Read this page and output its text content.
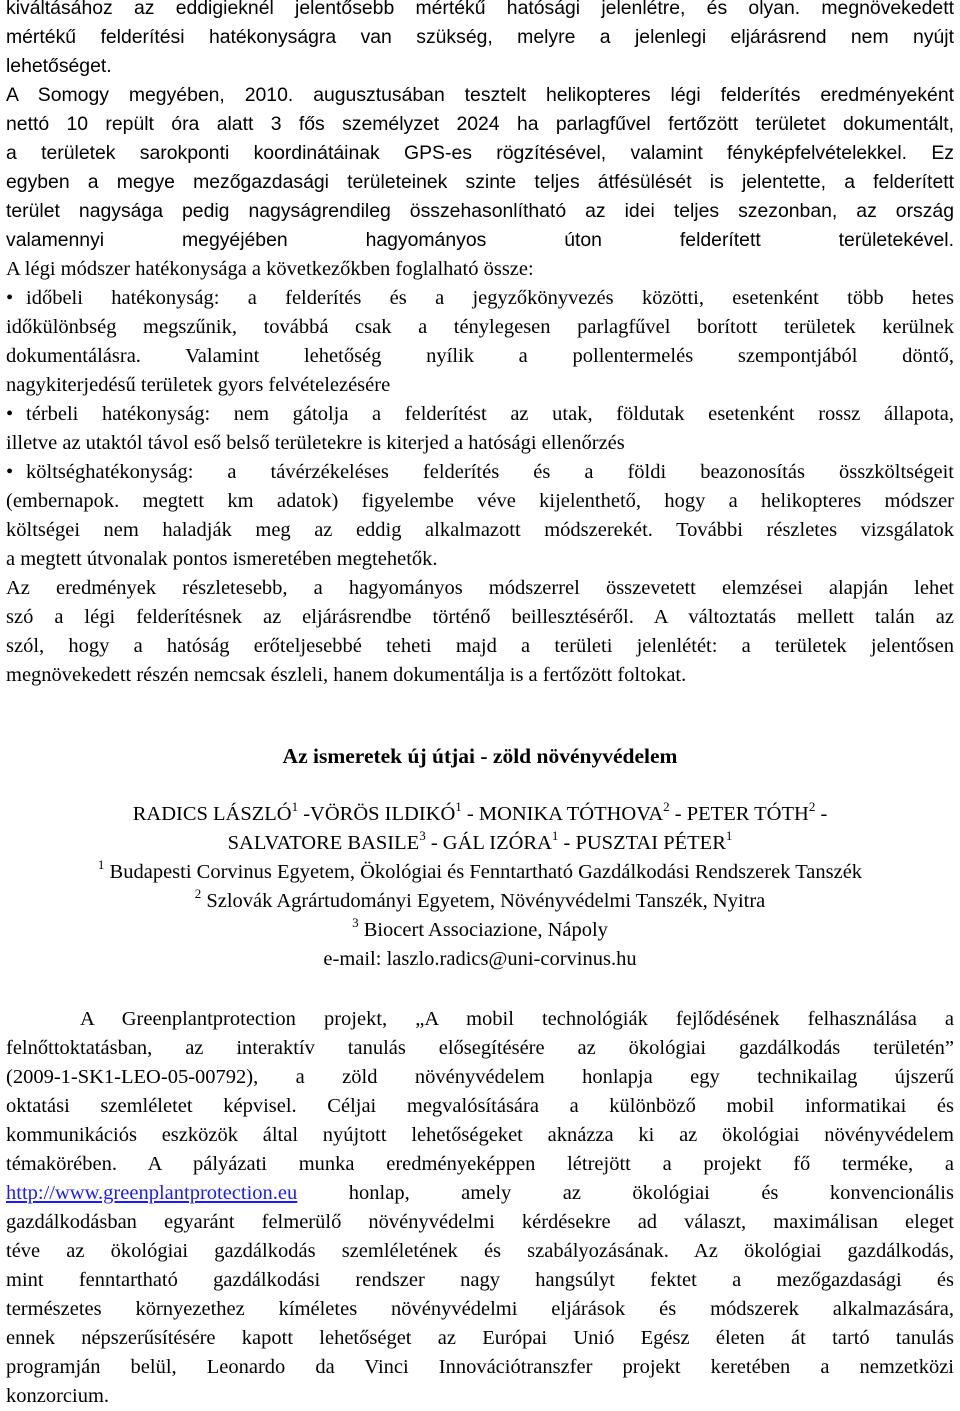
kiváltásához az eddigieknél jelentősebb mértékű hatósági jelenlétre, és olyan. megnövekedett

mértékű felderítési hatékonyságra van szükség, melyre a jelenlegi eljárásrend nem nyújt

lehetőséget.

A Somogy megyében, 2010. augusztusában tesztelt helikopteres légi felderítés eredményeként

nettó 10 repült óra alatt 3 fős személyzet 2024 ha parlagfűvel fertőzött területet dokumentált,

a területek sarokponti koordinátáinak GPS-es rögzítésével, valamint fényképfelvételekkel. Ez

egyben a megye mezőgazdasági területeinek szinte teljes átfésülését is jelentette, a felderített

terület nagysága pedig nagyságrendileg összehasonlítható az idei teljes szezonban, az ország

valamennyi megyéjében hagyományos úton felderített területekével.

A légi módszer hatékonysága a következőkben foglalható össze:

• időbeli hatékonyság: a felderítés és a jegyzőkönyvezés közötti, esetenként több hetes

időkülönbség megszűnik, továbbá csak a ténylegesen parlagfűvel borított területek kerülnek

dokumentálásra. Valamint lehetőség nyílik a pollentermelés szempontjából döntő,

nagykiterjedésű területek gyors felvételezésére

• térbeli hatékonyság: nem gátolja a felderítést az utak, földutak esetenként rossz állapota,

illetve az utaktól távol eső belső területekre is kiterjed a hatósági ellenőrzés

• költséghatékonyság: a távérzékeléses felderítés és a földi beazonosítás összköltségeit

(embernapok. megtett km adatok) figyelembe véve kijelenthető, hogy a helikopteres módszer

költségei nem haladják meg az eddig alkalmazott módszerekét. További részletes vizsgálatok

a megtett útvonalak pontos ismeretében megtehetők.

Az eredmények részletesebb, a hagyományos módszerrel összevetett elemzései alapján lehet

szó a légi felderítésnek az eljárásrendbe történő beillesztéséről. A változtatás mellett talán az

szól, hogy a hatóság erőteljesebbé teheti majd a területi jelenlétét: a területek jelentősen

megnövekedett részén nemcsak észleli, hanem dokumentálja is a fertőzött foltokat.

Az ismeretek új útjai - zöld növényvédelem
RADICS LÁSZLÓ$^1$ -VÖRÖS ILDIKÓ$^1$ - MONIKA TÓTHOVA$^2$ - PETER TÓTH$^2$ -
SALVATORE BASILE$^3$ - GÁL IZÓRA$^1$ - PUSZTAI PÉTER$^1$
$^1$ Budapesti Corvinus Egyetem, Ökológiai és Fenntartható Gazdálkodási Rendszerek Tanszék
$^2$ Szlovák Agrártudományi Egyetem, Növényvédelmi Tanszék, Nyitra
$^3$ Biocert Associazione, Nápoly
e-mail: laszlo.radics@uni-corvinus.hu

A Greenplantprotection projekt, „A mobil technológiák fejlődésének felhasználása a

felnőttoktatásban, az interaktív tanulás elősegítésére az ökológiai gazdálkodás területén”

(2009-1-SK1-LEO-05-00792), a zöld növényvédelem honlapja egy technikailag újszerű

oktatási szemléletet képvisel. Céljai megvalósítására a különböző mobil informatikai és

kommunikációs eszközök által nyújtott lehetőségeket aknázza ki az ökológiai növényvédelem

témakörében. A pályázati munka eredményeképpen létrejött a projekt fő terméke, a

http://www.greenplantprotection.eu honlap, amely az ökológiai és konvencionális

gazdálkodásban egyaránt felmerülő növényvédelmi kérdésekre ad választ, maximálisan eleget

téve az ökológiai gazdálkodás szemléletének és szabályozásának. Az ökológiai gazdálkodás,

mint fenntartható gazdálkodási rendszer nagy hangsúlyt fektet a mezőgazdasági és

természetes környezethez kíméletes növényvédelmi eljárások és módszerek alkalmazására,

ennek népszerűsítésére kapott lehetőséget az Európai Unió Egész életen át tartó tanulás

programján belül, Leonardo da Vinci Innovációtranszfer projekt keretében a nemzetközi

konzorcium.
